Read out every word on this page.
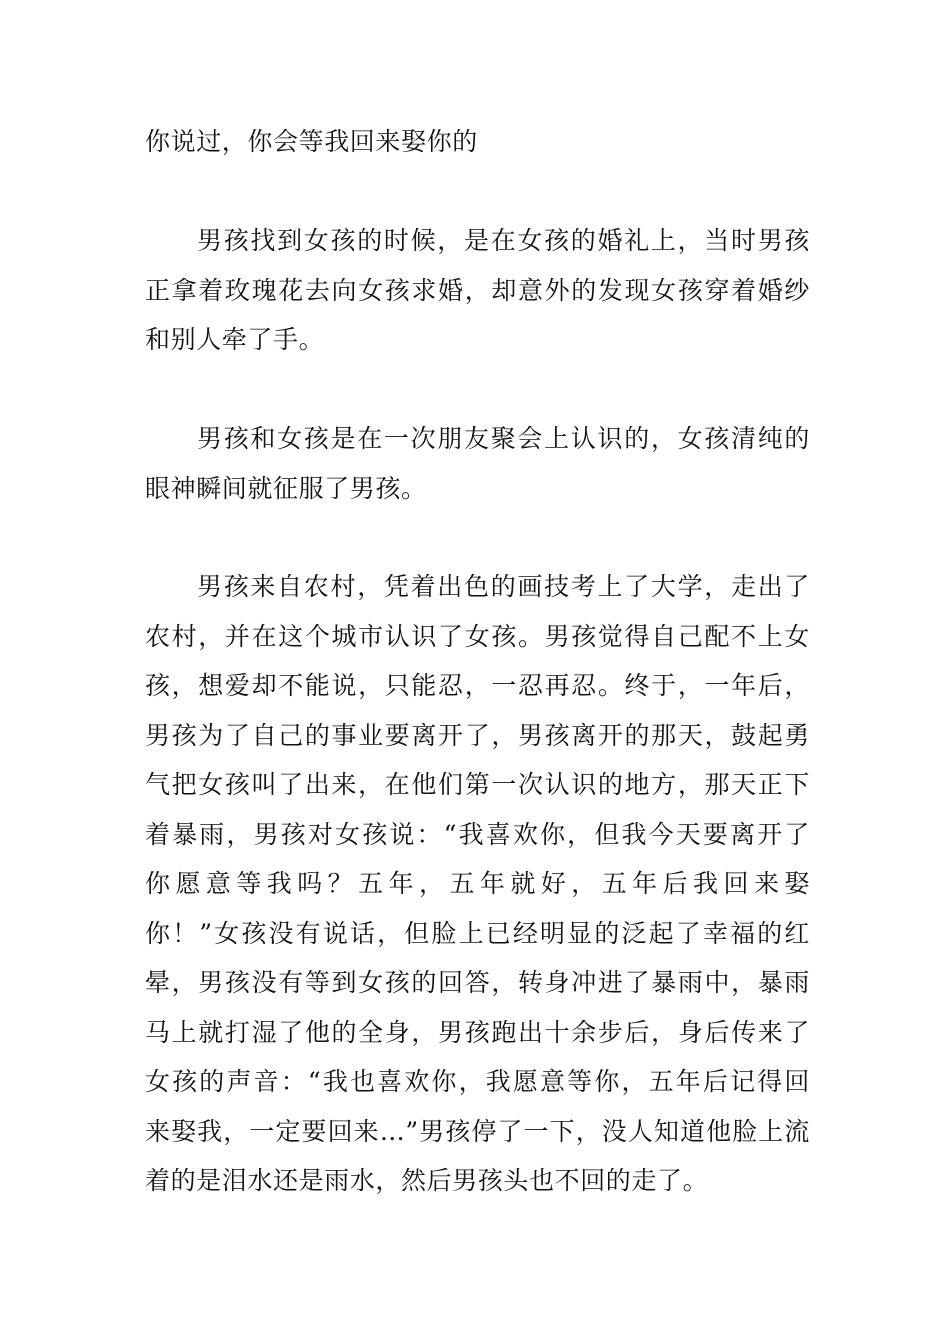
你说过，你会等我回来娶你的

男孩找到女孩的时候，是在女孩的婚礼上，当时男孩
正拿着玫瑰花去向女孩求婚，却意外的发现女孩穿着婚纱
和别人牵了手。

男孩和女孩是在一次朋友聚会上认识的，女孩清纯的
眼神瞬间就征服了男孩。

男孩来自农村，凭着出色的画技考上了大学，走出了
农村，并在这个城市认识了女孩。男孩觉得自己配不上女
孩，想爱却不能说，只能忍，一忍再忍。终于，一年后，
男孩为了自己的事业要离开了，男孩离开的那天，鼓起勇
气把女孩叫了出来，在他们第一次认识的地方，那天正下
着暴雨，男孩对女孩说：“我喜欢你，但我今天要离开了
你愿意等我吗？五年，五年就好，五年后我回来娶
你！”女孩没有说话，但脸上已经明显的泛起了幸福的红
晕，男孩没有等到女孩的回答，转身冲进了暴雨中，暴雨
马上就打湿了他的全身，男孩跑出十余步后，身后传来了
女孩的声音：“我也喜欢你，我愿意等你，五年后记得回
来娶我，一定要回来…”男孩停了一下，没人知道他脸上流
着的是泪水还是雨水，然后男孩头也不回的走了。
